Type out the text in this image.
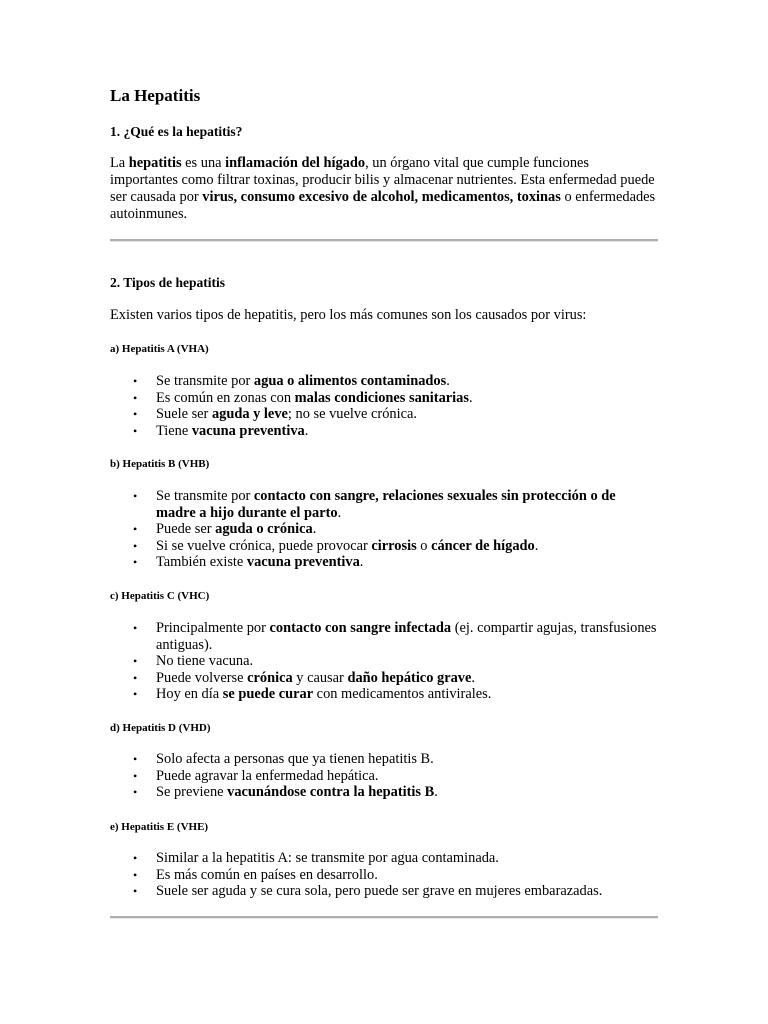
La Hepatitis
1. ¿Qué es la hepatitis?

La hepatitis es una inflamación del hígado, un órgano vital que cumple funciones importantes como filtrar toxinas, producir bilis y almacenar nutrientes. Esta enfermedad puede ser causada por virus, consumo excesivo de alcohol, medicamentos, toxinas o enfermedades autoinmunes.

2. Tipos de hepatitis

Existen varios tipos de hepatitis, pero los más comunes son los causados por virus:

a) Hepatitis A (VHA)
• Se transmite por agua o alimentos contaminados.
• Es común en zonas con malas condiciones sanitarias.
• Suele ser aguda y leve; no se vuelve crónica.
• Tiene vacuna preventiva.
b) Hepatitis B (VHB)
• Se transmite por contacto con sangre, relaciones sexuales sin protección o de madre a hijo durante el parto.
• Puede ser aguda o crónica.
• Si se vuelve crónica, puede provocar cirrosis o cáncer de hígado.
• También existe vacuna preventiva.
c) Hepatitis C (VHC)
• Principalmente por contacto con sangre infectada (ej. compartir agujas, transfusiones antiguas).
• No tiene vacuna.
• Puede volverse crónica y causar daño hepático grave.
• Hoy en día se puede curar con medicamentos antivirales.
d) Hepatitis D (VHD)
• Solo afecta a personas que ya tienen hepatitis B.
• Puede agravar la enfermedad hepática.
• Se previene vacunándose contra la hepatitis B.
e) Hepatitis E (VHE)
• Similar a la hepatitis A: se transmite por agua contaminada.
• Es más común en países en desarrollo.
• Suele ser aguda y se cura sola, pero puede ser grave en mujeres embarazadas.
